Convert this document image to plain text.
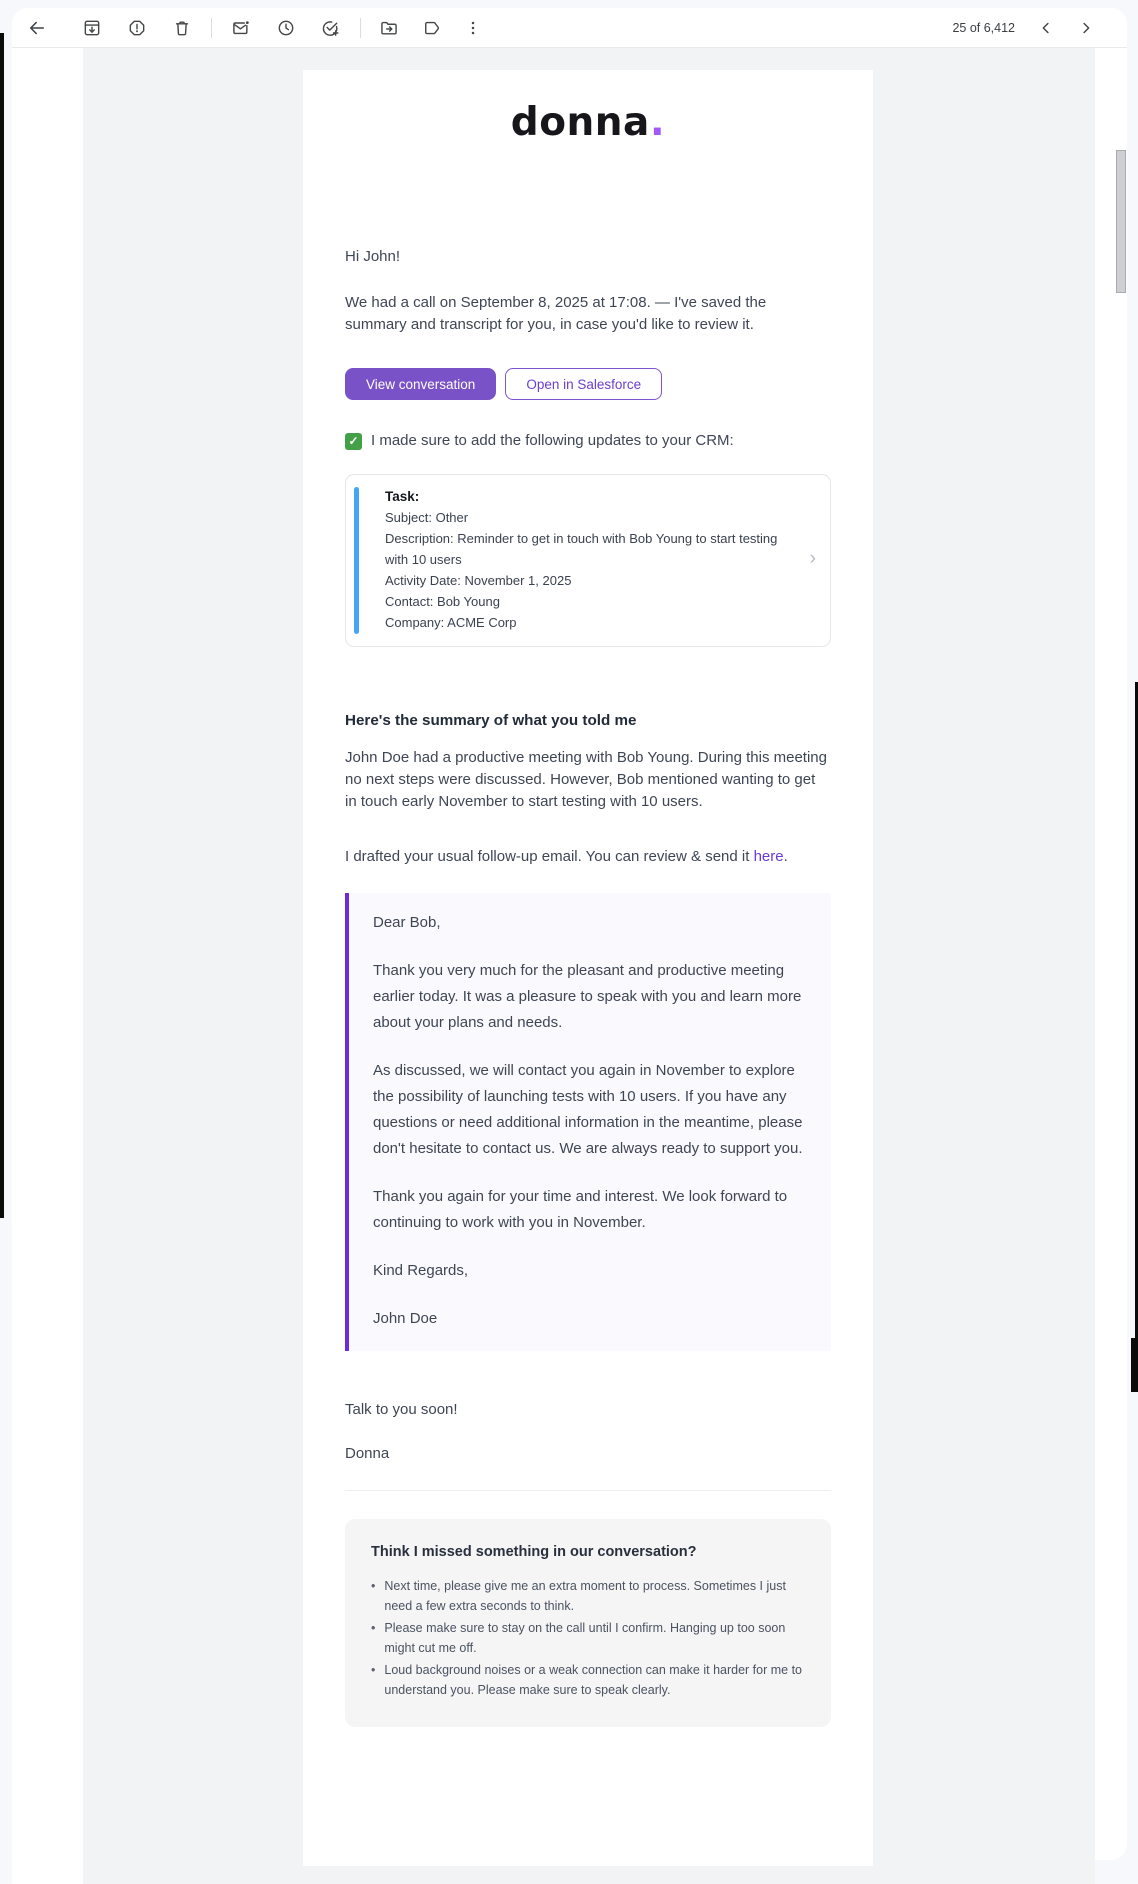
25 of 6,412
donna.

Hi John!

We had a call on September 8, 2025 at 17:08. — I've saved the summary and transcript for you, in case you'd like to review it.

View conversation	Open in Salesforce
✓ I made sure to add the following updates to your CRM:

Task:

Subject: Other

Description: Reminder to get in touch with Bob Young to start testing with 10 users

Activity Date: November 1, 2025

Contact: Bob Young

Company: ACME Corp

›

Here's the summary of what you told me

John Doe had a productive meeting with Bob Young. During this meeting no next steps were discussed. However, Bob mentioned wanting to get in touch early November to start testing with 10 users.

I drafted your usual follow-up email. You can review & send it here.

Dear Bob,

Thank you very much for the pleasant and productive meeting earlier today. It was a pleasure to speak with you and learn more about your plans and needs.

As discussed, we will contact you again in November to explore the possibility of launching tests with 10 users. If you have any questions or need additional information in the meantime, please don't hesitate to contact us. We are always ready to support you.

Thank you again for your time and interest. We look forward to continuing to work with you in November.

Kind Regards,

John Doe

Talk to you soon!

Donna

Think I missed something in our conversation?

• Next time, please give me an extra moment to process. Sometimes I just need a few extra seconds to think.
• Please make sure to stay on the call until I confirm. Hanging up too soon might cut me off.
• Loud background noises or a weak connection can make it harder for me to understand you. Please make sure to speak clearly.
